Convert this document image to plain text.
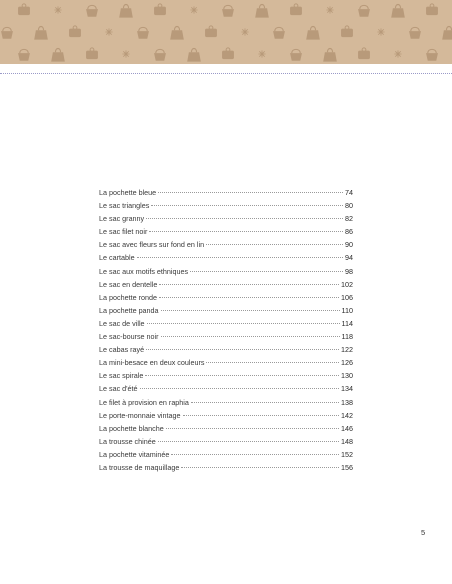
La pochette bleue	74
Le sac triangles	80
Le sac granny	82
Le sac filet noir	86
Le sac avec fleurs sur fond en lin	90
Le cartable	94
Le sac aux motifs ethniques	98
Le sac en dentelle	102
La pochette ronde	106
La pochette panda	110
Le sac de ville	114
Le sac-bourse noir	118
Le cabas rayé	122
La mini-besace en deux couleurs	126
Le sac spirale	130
Le sac d'été	134
Le filet à provision en raphia	138
Le porte-monnaie vintage	142
La pochette blanche	146
La trousse chinée	148
La pochette vitaminée	152
La trousse de maquillage	156
5
